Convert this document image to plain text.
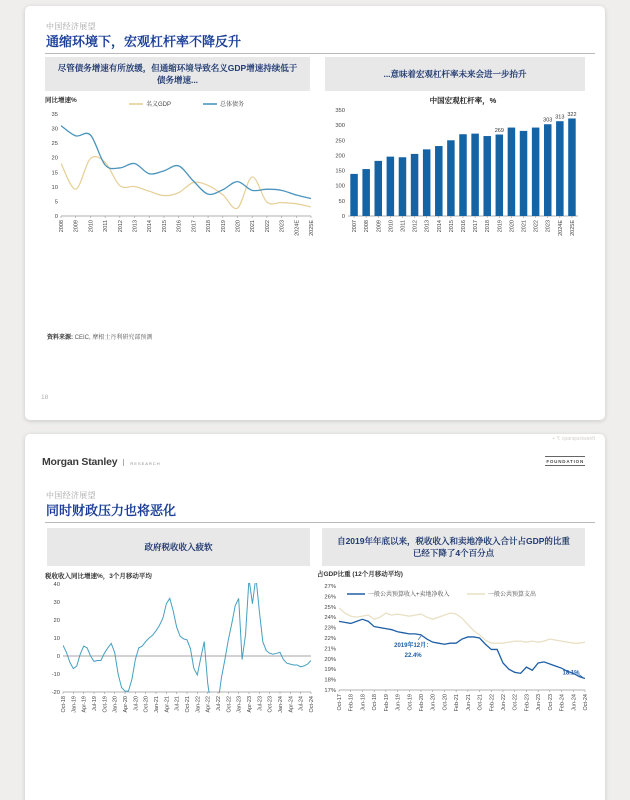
中国经济展望
通缩环境下，宏观杠杆率不降反升
尽管债务增速有所放缓，但通缩环境导致名义GDP增速持续低于债务增速...
...意味着宏观杠杆率未来会进一步抬升
同比增速%
0
5
10
15
20
25
30
35
2008 2009 2010 2011 2012 2013 2014 2015 2016 2017 2018 2019 2020 2021 2022 2023 2024E 2025E
名义GDP	总体债务	中国宏观杠杆率，%
0
50
100
150
200
250
300
350
2007 2008 2009 2010 2011 2012 2013 2014 2015 2016 2017 2018
269
2019 2020 2021 2022
303
2023
313
2024E
322
2025E
资料来源: CEIC, 摩根士丹利研究部预测
18
+ Y. cpanqiuxiwanft
Morgan Stanley	RESEARCH	FOUNDATION
中国经济展望
同时财政压力也将恶化
政府税收收入疲软
自2019年年底以来，税收收入和卖地净收入合计占GDP的比重已经下降了4个百分点
税收收入同比增速%，3个月移动平均
-20
-10
0
10
20
30
40
Oct-18 Jan-19 Apr-19 Jul-19 Oct-19 Jan-20 Apr-20 Jul-20 Oct-20 Jan-21 Apr-21 Jul-21 Oct-21 Jan-22 Apr-22 Jul-22 Oct-22 Jan-23 Apr-23 Jul-23 Oct-23 Jan-24 Apr-24 Jul-24 Oct-24
占GDP比重 (12个月移动平均)
17%
18%
19%
20%
21%
22%
23%
24%
25%
26%
27%
Oct-17 Feb-18 Jun-18 Oct-18 Feb-19 Jun-19 Oct-19 Feb-20 Jun-20 Oct-20 Feb-21 Jun-21 Oct-21 Feb-22 Jun-22 Oct-22 Feb-23 Jun-23 Oct-23 Feb-24 Jun-24 Oct-24
一般公共预算收入+卖地净收入	一般公共预算支出
2019年12月：
22.4%
18.1%
